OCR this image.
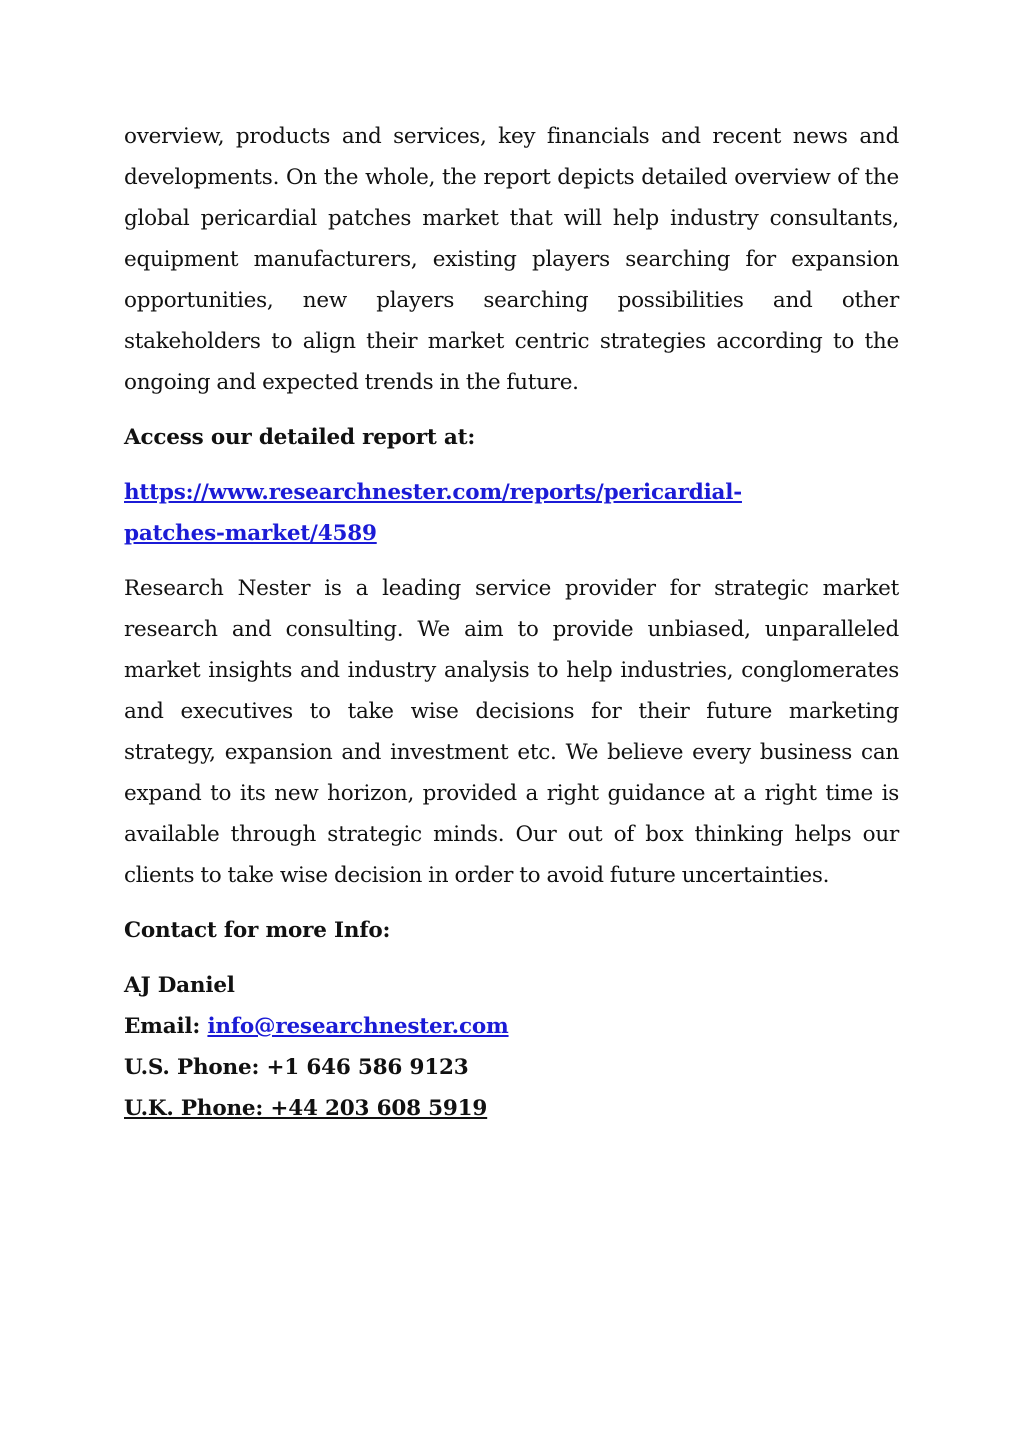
overview, products and services, key financials and recent news and developments. On the whole, the report depicts detailed overview of the global pericardial patches market that will help industry consultants, equipment manufacturers, existing players searching for expansion opportunities, new players searching possibilities and other stakeholders to align their market centric strategies according to the ongoing and expected trends in the future.

Access our detailed report at:

https://www.researchnester.com/reports/pericardial-
patches-market/4589

Research Nester is a leading service provider for strategic market research and consulting. We aim to provide unbiased, unparalleled market insights and industry analysis to help industries, conglomerates and executives to take wise decisions for their future marketing strategy, expansion and investment etc. We believe every business can expand to its new horizon, provided a right guidance at a right time is available through strategic minds. Our out of box thinking helps our clients to take wise decision in order to avoid future uncertainties.

Contact for more Info:

AJ Daniel

Email: info@researchnester.com

U.S. Phone: +1 646 586 9123

U.K. Phone: +44 203 608 5919
